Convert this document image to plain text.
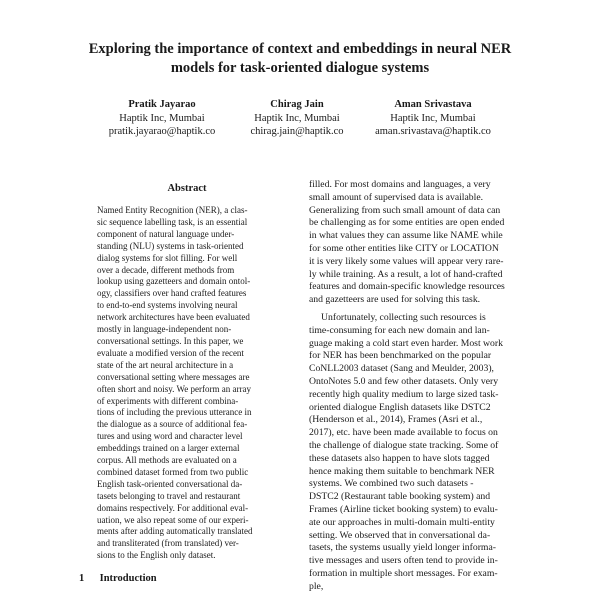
Exploring the importance of context and embeddings in neural NER
models for task-oriented dialogue systems
Pratik Jayarao
Haptik Inc, Mumbai
pratik.jayarao@haptik.co
Chirag Jain
Haptik Inc, Mumbai
chirag.jain@haptik.co
Aman Srivastava
Haptik Inc, Mumbai
aman.srivastava@haptik.co
Abstract
Named Entity Recognition (NER), a clas-
sic sequence labelling task, is an essential
component of natural language under-
standing (NLU) systems in task-oriented
dialog systems for slot filling. For well
over a decade, different methods from
lookup using gazetteers and domain ontol-
ogy, classifiers over hand crafted features
to end-to-end systems involving neural
network architectures have been evaluated
mostly in language-independent non-
conversational settings. In this paper, we
evaluate a modified version of the recent
state of the art neural architecture in a
conversational setting where messages are
often short and noisy. We perform an array
of experiments with different combina-
tions of including the previous utterance in
the dialogue as a source of additional fea-
tures and using word and character level
embeddings trained on a larger external
corpus. All methods are evaluated on a
combined dataset formed from two public
English task-oriented conversational da-
tasets belonging to travel and restaurant
domains respectively. For additional eval-
uation, we also repeat some of our experi-
ments after adding automatically translated
and transliterated (from translated) ver-
sions to the English only dataset.
1 Introduction
filled. For most domains and languages, a very
small amount of supervised data is available.
Generalizing from such small amount of data can
be challenging as for some entities are open ended
in what values they can assume like NAME while
for some other entities like CITY or LOCATION
it is very likely some values will appear very rare-
ly while training. As a result, a lot of hand-crafted
features and domain-specific knowledge resources
and gazetteers are used for solving this task.
Unfortunately, collecting such resources is
time-consuming for each new domain and lan-
guage making a cold start even harder. Most work
for NER has been benchmarked on the popular
CoNLL2003 dataset (Sang and Meulder, 2003),
OntoNotes 5.0 and few other datasets. Only very
recently high quality medium to large sized task-
oriented dialogue English datasets like DSTC2
(Henderson et al., 2014), Frames (Asri et al.,
2017), etc. have been made available to focus on
the challenge of dialogue state tracking. Some of
these datasets also happen to have slots tagged
hence making them suitable to benchmark NER
systems. We combined two such datasets -
DSTC2 (Restaurant table booking system) and
Frames (Airline ticket booking system) to evalu-
ate our approaches in multi-domain multi-entity
setting. We observed that in conversational da-
tasets, the systems usually yield longer informa-
tive messages and users often tend to provide in-
formation in multiple short messages. For exam-
ple,
